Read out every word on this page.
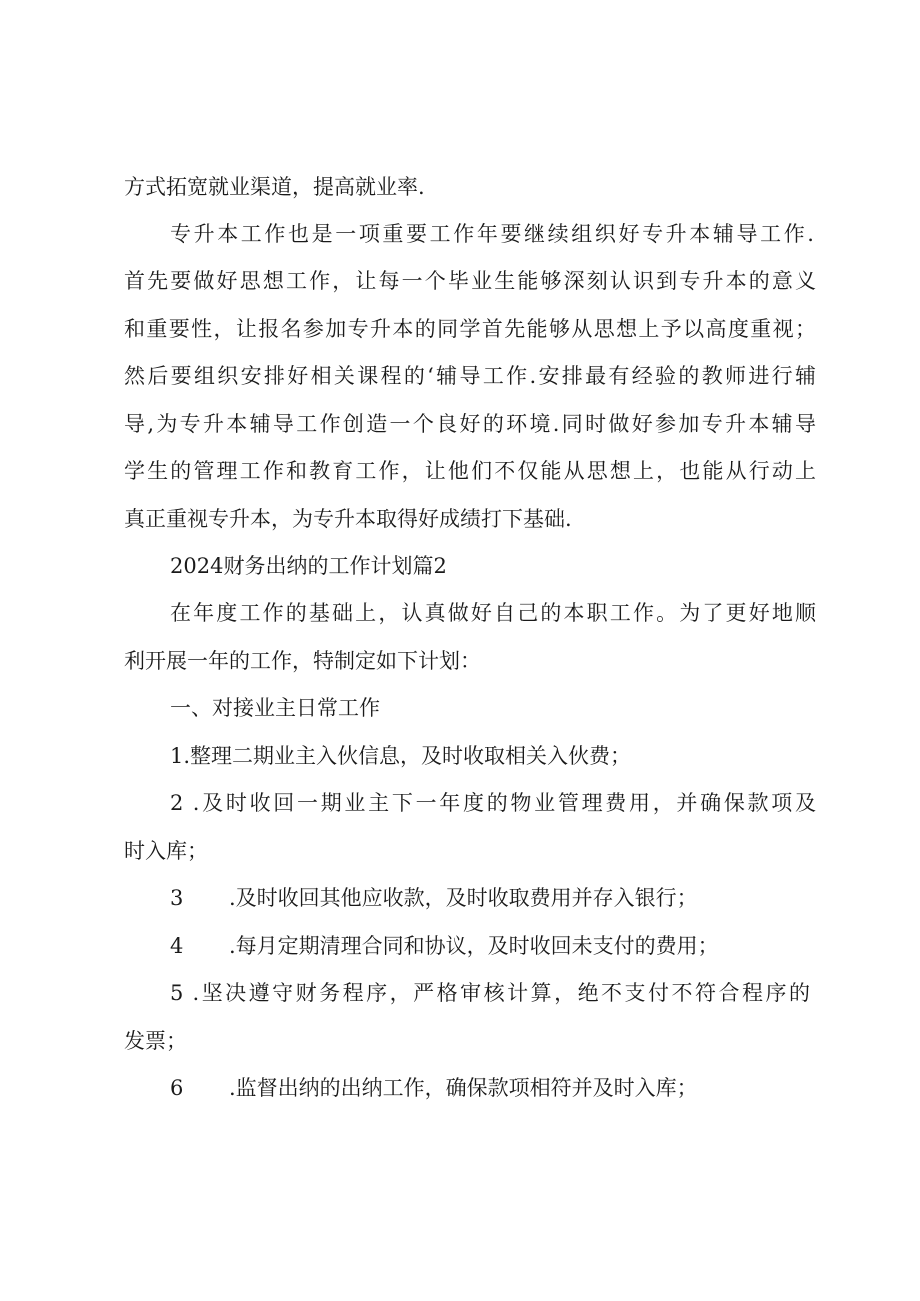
方式拓宽就业渠道，提高就业率.
专升本工作也是一项重要工作年要继续组织好专升本辅导工作.
首先要做好思想工作，让每一个毕业生能够深刻认识到专升本的意义
和重要性，让报名参加专升本的同学首先能够从思想上予以高度重视；
然后要组织安排好相关课程的‘辅导工作.安排最有经验的教师进行辅
导,为专升本辅导工作创造一个良好的环境.同时做好参加专升本辅导
学生的管理工作和教育工作，让他们不仅能从思想上，也能从行动上
真正重视专升本，为专升本取得好成绩打下基础.
2024财务出纳的工作计划篇2
在年度工作的基础上，认真做好自己的本职工作。为了更好地顺
利开展一年的工作，特制定如下计划：
一、对接业主日常工作
1.整理二期业主入伙信息，及时收取相关入伙费；
2 .及时收回一期业主下一年度的物业管理费用，并确保款项及
时入库；
3 .及时收回其他应收款，及时收取费用并存入银行；
4 .每月定期清理合同和协议，及时收回未支付的费用；
5 .坚决遵守财务程序，严格审核计算，绝不支付不符合程序的
发票；
6 .监督出纳的出纳工作，确保款项相符并及时入库；
